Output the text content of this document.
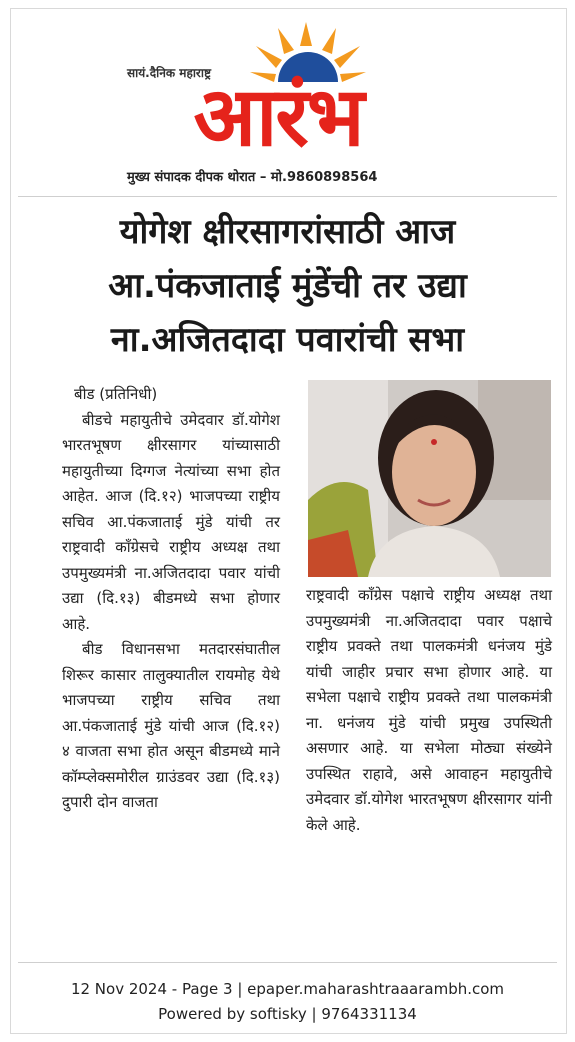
सायं.दैनिक महाराष्ट्र
आरंभ
मुख्य संपादक दीपक थोरात – मो.9860898564
योगेश क्षीरसागरांसाठी आज
आ.पंकजाताई मुंडेंची तर उद्या
ना.अजितदादा पवारांची सभा

बीड (प्रतिनिधी)

बीडचे महायुतीचे उमेदवार डॉ.योगेश भारतभूषण क्षीरसागर यांच्यासाठी महायुतीच्या दिग्गज नेत्यांच्या सभा होत आहेत. आज (दि.१२) भाजपच्या राष्ट्रीय सचिव आ.पंकजाताई मुंडे यांची तर राष्ट्रवादी कॉंग्रेसचे राष्ट्रीय अध्यक्ष तथा उपमुख्यमंत्री ना.अजितदादा पवार यांची उद्या (दि.१३) बीडमध्ये सभा होणार आहे.

बीड विधानसभा मतदारसंघातील शिरूर कासार तालुक्यातील रायमोह येथे भाजपच्या राष्ट्रीय सचिव तथा आ.पंकजाताई मुंडे यांची आज (दि.१२) ४ वाजता सभा होत असून बीडमध्ये माने कॉम्प्लेक्समोरील ग्राउंडवर उद्या (दि.१३) दुपारी दोन वाजता

राष्ट्रवादी कॉंग्रेस पक्षाचे राष्ट्रीय अध्यक्ष तथा उपमुख्यमंत्री ना.अजितदादा पवार पक्षाचे राष्ट्रीय प्रवक्ते तथा पालकमंत्री धनंजय मुंडे यांची जाहीर प्रचार सभा होणार आहे. या सभेला पक्षाचे राष्ट्रीय प्रवक्ते तथा पालकमंत्री ना. धनंजय मुंडे यांची प्रमुख उपस्थिती असणार आहे. या सभेला मोठ्या संख्येने उपस्थित राहावे, असे आवाहन महायुतीचे उमेदवार डॉ.योगेश भारतभूषण क्षीरसागर यांनी केले आहे.

12 Nov 2024 - Page 3 | epaper.maharashtraaarambh.com
Powered by softisky | 9764331134
